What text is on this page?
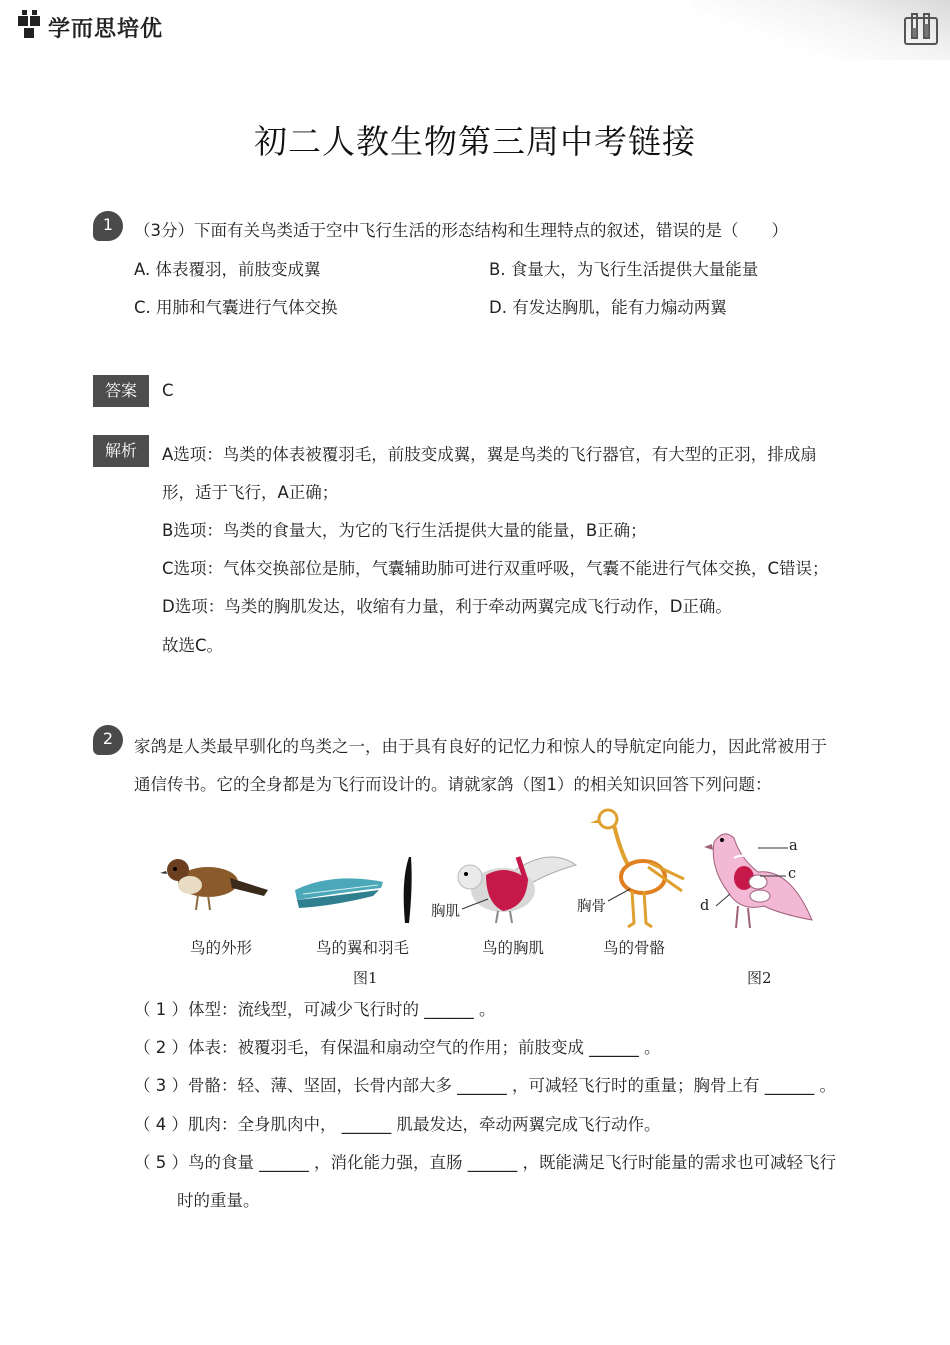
学而思培优
初二人教生物第三周中考链接
1	（3分）下面有关鸟类适于空中飞行生活的形态结构和生理特点的叙述，错误的是（　　）
A. 体表覆羽，前肢变成翼	B. 食量大，为飞行生活提供大量能量
C. 用肺和气囊进行气体交换	D. 有发达胸肌，能有力煽动两翼
答案	C
解析	A选项：鸟类的体表被覆羽毛，前肢变成翼，翼是鸟类的飞行器官，有大型的正羽，排成扇
形，适于飞行，A正确；
B选项：鸟类的食量大，为它的飞行生活提供大量的能量，B正确；
C选项：气体交换部位是肺，气囊辅助肺可进行双重呼吸，气囊不能进行气体交换，C错误；
D选项：鸟类的胸肌发达，收缩有力量，利于牵动两翼完成飞行动作，D正确。
故选C。
2	家鸽是人类最早驯化的鸟类之一，由于具有良好的记忆力和惊人的导航定向能力，因此常被用于
通信传书。它的全身都是为飞行而设计的。请就家鸽（图1）的相关知识回答下列问题：
胸肌	胸骨
a
c
d
鸟的外形	鸟的翼和羽毛	鸟的胸肌	鸟的骨骼
图1	图2
（ 1 ）体型：流线型，可减少飞行时的 ______ 。
（ 2 ）体表：被覆羽毛，有保温和扇动空气的作用；前肢变成 ______ 。
（ 3 ）骨骼：轻、薄、坚固，长骨内部大多 ______ ，可减轻飞行时的重量；胸骨上有 ______ 。
（ 4 ）肌肉：全身肌肉中， ______ 肌最发达，牵动两翼完成飞行动作。
（ 5 ）鸟的食量 ______ ，消化能力强，直肠 ______ ，既能满足飞行时能量的需求也可减轻飞行
时的重量。
